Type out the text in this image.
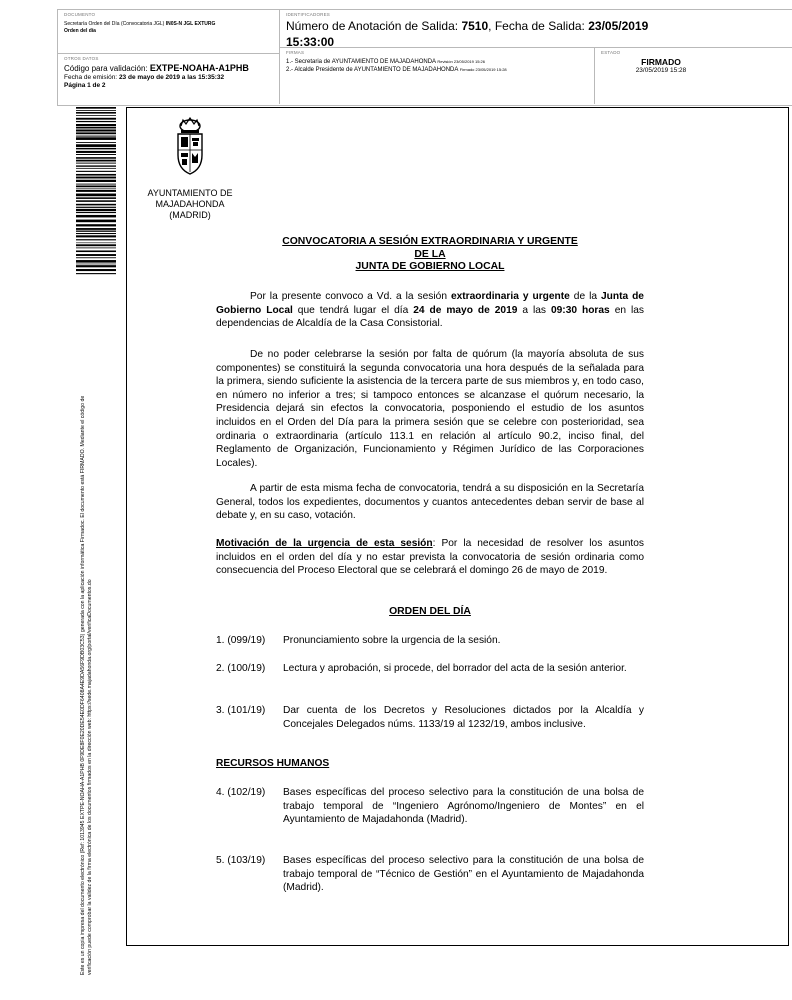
DOCUMENTO
Secretaría Orden del Día (Convocatoria JGL) IN0S-N JGL EXTURG
Orden del día
OTROS DATOS
Código para validación: EXTPE-NOAHA-A1PHB
Fecha de emisión: 23 de mayo de 2019 a las 15:35:32
Página 1 de 2
IDENTIFICADORES
Número de Anotación de Salida: 7510, Fecha de Salida: 23/05/2019
15:33:00
FIRMAS
1.- Secretaria de AYUNTAMIENTO DE MAJADAHONDA Revisión 23/05/2019 15:26
2.- Alcalde Presidente de AYUNTAMIENTO DE MAJADAHONDA Firmado 23/05/2019 15:28
ESTADO
FIRMADO
23/05/2019 15:28
Este es un copia impresa del documento electrónico (Ref: 1013945 EXTPE-NOAHA-A1PHB 0F9DE8F0E20DE54E0DF6408A4E9DA56F9DB03C53) generada con la aplicación informática Firmadoc. El documento está FIRMADO. Mediante el código de verificación puede comprobar la validez de la firma electrónica de los documentos firmados en la dirección web: https://sede.majadahonda.org/portal/verificaDocumentos.do
AYUNTAMIENTO DE
MAJADAHONDA
(MADRID)
CONVOCATORIA A SESIÓN EXTRAORDINARIA Y URGENTE
DE LA
JUNTA DE GOBIERNO LOCAL
Por la presente convoco a Vd. a la sesión extraordinaria y urgente de la Junta de Gobierno Local que tendrá lugar el día 24 de mayo de 2019 a las 09:30 horas en las dependencias de Alcaldía de la Casa Consistorial.
De no poder celebrarse la sesión por falta de quórum (la mayoría absoluta de sus componentes) se constituirá la segunda convocatoria una hora después de la señalada para la primera, siendo suficiente la asistencia de la tercera parte de sus miembros y, en todo caso, en número no inferior a tres; si tampoco entonces se alcanzase el quórum necesario, la Presidencia dejará sin efectos la convocatoria, posponiendo el estudio de los asuntos incluidos en el Orden del Día para la primera sesión que se celebre con posterioridad, sea ordinaria o extraordinaria (artículo 113.1 en relación al artículo 90.2, inciso final, del Reglamento de Organización, Funcionamiento y Régimen Jurídico de las Corporaciones Locales).
A partir de esta misma fecha de convocatoria, tendrá a su disposición en la Secretaría General, todos los expedientes, documentos y cuantos antecedentes deban servir de base al debate y, en su caso, votación.
Motivación de la urgencia de esta sesión: Por la necesidad de resolver los asuntos incluidos en el orden del día y no estar prevista la convocatoria de sesión ordinaria como consecuencia del Proceso Electoral que se celebrará el domingo 26 de mayo de 2019.
ORDEN DEL DÍA
1. (099/19)	Pronunciamiento sobre la urgencia de la sesión.
2. (100/19)	Lectura y aprobación, si procede, del borrador del acta de la sesión anterior.
3. (101/19)	Dar cuenta de los Decretos y Resoluciones dictados por la Alcaldía y Concejales Delegados núms. 1133/19 al 1232/19, ambos inclusive.
RECURSOS HUMANOS
4. (102/19)	Bases específicas del proceso selectivo para la constitución de una bolsa de trabajo temporal de “Ingeniero Agrónomo/Ingeniero de Montes” en el Ayuntamiento de Majadahonda (Madrid).
5. (103/19)	Bases específicas del proceso selectivo para la constitución de una bolsa de trabajo temporal de “Técnico de Gestión” en el Ayuntamiento de Majadahonda (Madrid).
